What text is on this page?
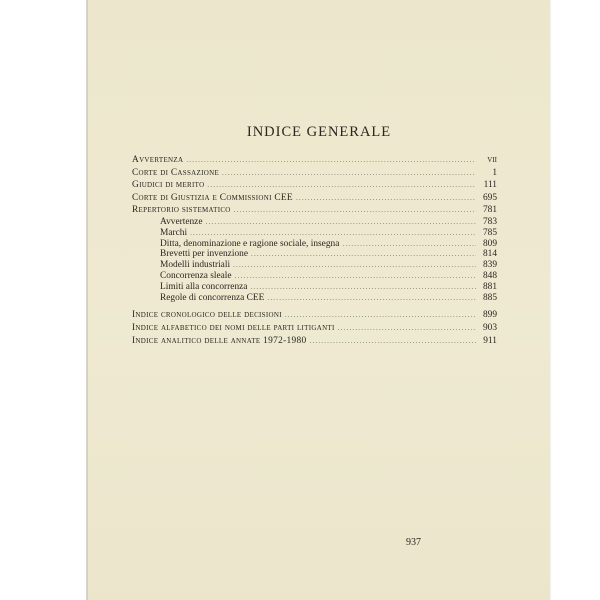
INDICE GENERALE
Avvertenza .....	vii
Corte di Cassazione .....	1
Giudici di merito .....	111
Corte di Giustizia e Commissioni CEE .....	695
Repertorio sistematico .....	781
Avvertenze .....	783
Marchi .....	785
Ditta, denominazione e ragione sociale, insegna .....	809
Brevetti per invenzione .....	814
Modelli industriali .....	839
Concorrenza sleale .....	848
Limiti alla concorrenza .....	881
Regole di concorrenza CEE .....	885
Indice cronologico delle decisioni .....	899
Indice alfabetico dei nomi delle parti litiganti .....	903
Indice analitico delle annate 1972-1980 .....	911
937
